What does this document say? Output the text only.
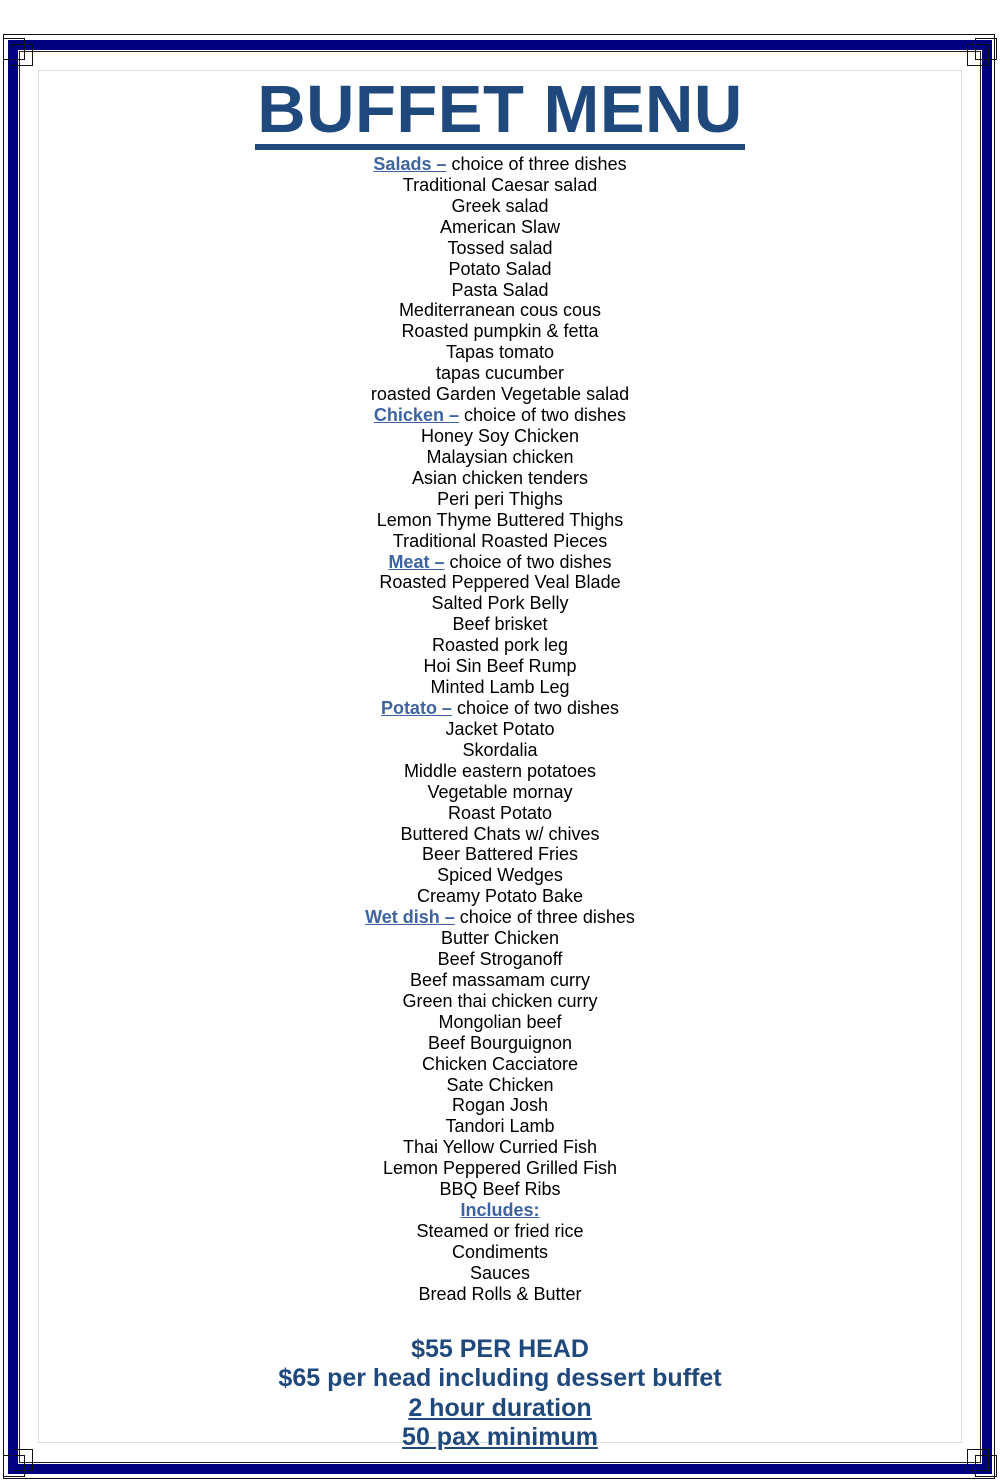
BUFFET MENU
Salads – choice of three dishes
Traditional Caesar salad
Greek salad
American Slaw
Tossed salad
Potato Salad
Pasta Salad
Mediterranean cous cous
Roasted pumpkin & fetta
Tapas tomato
tapas cucumber
roasted Garden Vegetable salad
Chicken – choice of two dishes
Honey Soy Chicken
Malaysian chicken
Asian chicken tenders
Peri peri Thighs
Lemon Thyme Buttered Thighs
Traditional Roasted Pieces
Meat – choice of two dishes
Roasted Peppered Veal Blade
Salted Pork Belly
Beef brisket
Roasted pork leg
Hoi Sin Beef Rump
Minted Lamb Leg
Potato – choice of two dishes
Jacket Potato
Skordalia
Middle eastern potatoes
Vegetable mornay
Roast Potato
Buttered Chats w/ chives
Beer Battered Fries
Spiced Wedges
Creamy Potato Bake
Wet dish – choice of three dishes
Butter Chicken
Beef Stroganoff
Beef massamam curry
Green thai chicken curry
Mongolian beef
Beef Bourguignon
Chicken Cacciatore
Sate Chicken
Rogan Josh
Tandori Lamb
Thai Yellow Curried Fish
Lemon Peppered Grilled Fish
BBQ Beef Ribs
Includes:
Steamed or fried rice
Condiments
Sauces
Bread Rolls & Butter
$55 PER HEAD
$65 per head including dessert buffet
2 hour duration
50 pax minimum
